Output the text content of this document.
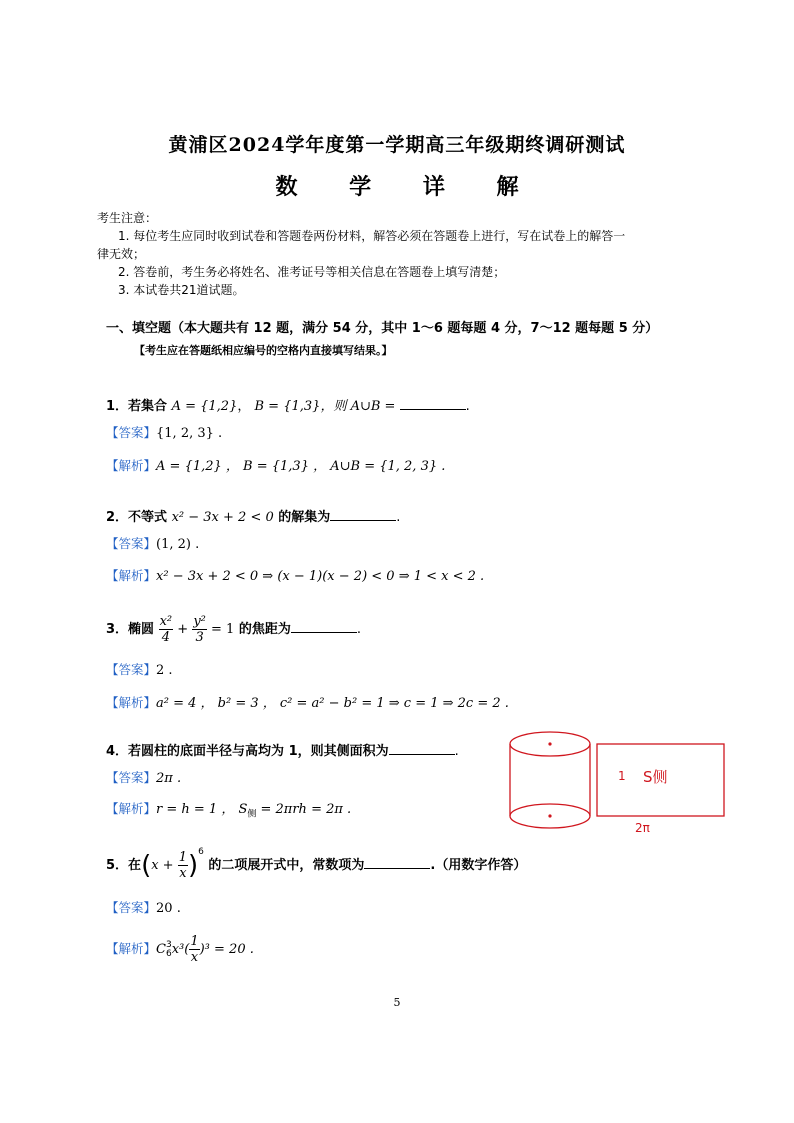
黄浦区2024学年度第一学期高三年级期终调研测试
数 学 详 解
考生注意：
1. 每位考生应同时收到试卷和答题卷两份材料，解答必须在答题卷上进行，写在试卷上的解答一
律无效；
2. 答卷前，考生务必将姓名、准考证号等相关信息在答题卷上填写清楚；
3. 本试卷共21道试题。
一、填空题（本大题共有 12 题，满分 54 分，其中 1～6 题每题 4 分，7～12 题每题 5 分）
【考生应在答题纸相应编号的空格内直接填写结果。】
1．若集合 A = {1,2}， B = {1,3}，则 A∪B =	.
【答案】{1, 2, 3} .
【解析】A = {1,2} ， B = {1,3} ， A∪B = {1, 2, 3} .
2．不等式 x² − 3x + 2 < 0 的解集为	.
【答案】(1, 2) .
【解析】x² − 3x + 2 < 0 ⇒ (x − 1)(x − 2) < 0 ⇒ 1 < x < 2 .
3．椭圆 $\frac{\text{x²}}{4} + \frac{\text{y²}}{3} = 1$ 的焦距为	.
【答案】2 .
【解析】a² = 4 ， b² = 3 ， c² = a² − b² = 1 ⇒ c = 1 ⇒ 2c = 2 .
4．若圆柱的底面半径与高均为 1，则其侧面积为	.
【答案】2π .
【解析】r = h = 1 ， $S_侧 = 2\pi rh = 2\pi$ .
1 S侧
2π
5．在$(x + \frac{1}{x} )^6$ 的二项展开式中，常数项为	.（用数字作答）
【答案】20 .
【解析】C 3
6 $x^3( \frac{1}{x} )^3 = 20$ .
5
